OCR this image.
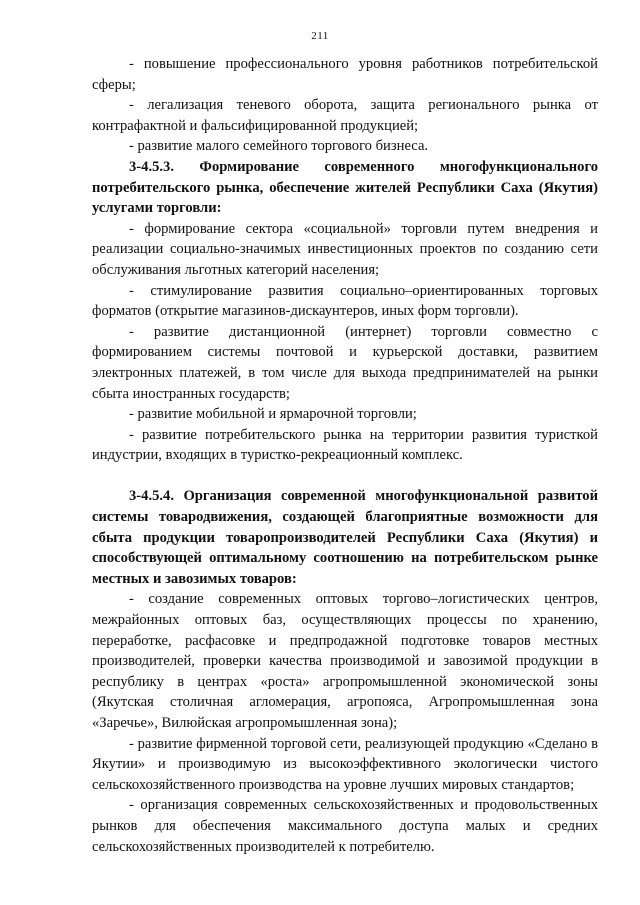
211

- повышение профессионального уровня работников потребительской сферы;

- легализация теневого оборота, защита регионального рынка от контрафактной и фальсифицированной продукцией;

- развитие малого семейного торгового бизнеса.

3-4.5.3. Формирование современного многофункционального потребительского рынка, обеспечение жителей Республики Саха (Якутия) услугами торговли:

- формирование сектора «социальной» торговли путем внедрения и реализации социально-значимых инвестиционных проектов по созданию сети обслуживания льготных категорий населения;

- стимулирование развития социально–ориентированных торговых форматов (открытие магазинов-дискаунтеров, иных форм торговли).

- развитие дистанционной (интернет) торговли совместно с формированием системы почтовой и курьерской доставки, развитием электронных платежей, в том числе для выхода предпринимателей на рынки сбыта иностранных государств;

- развитие мобильной и ярмарочной торговли;

- развитие потребительского рынка на территории развития туристкой индустрии, входящих в туристко-рекреационный комплекс.

3-4.5.4. Организация современной многофункциональной развитой системы товародвижения, создающей благоприятные возможности для сбыта продукции товаропроизводителей Республики Саха (Якутия) и способствующей оптимальному соотношению на потребительском рынке местных и завозимых товаров:

- создание современных оптовых торгово–логистических центров, межрайонных оптовых баз, осуществляющих процессы по хранению, переработке, расфасовке и предпродажной подготовке товаров местных производителей, проверки качества производимой и завозимой продукции в республику в центрах «роста» агропромышленной экономической зоны (Якутская столичная агломерация, агропояса, Агропромышленная зона «Заречье», Вилюйская агропромышленная зона);

- развитие фирменной торговой сети, реализующей продукцию «Сделано в Якутии» и производимую из высокоэффективного экологически чистого сельскохозяйственного производства на уровне лучших мировых стандартов;

- организация современных сельскохозяйственных и продовольственных рынков для обеспечения максимального доступа малых и средних сельскохозяйственных производителей к потребителю.
